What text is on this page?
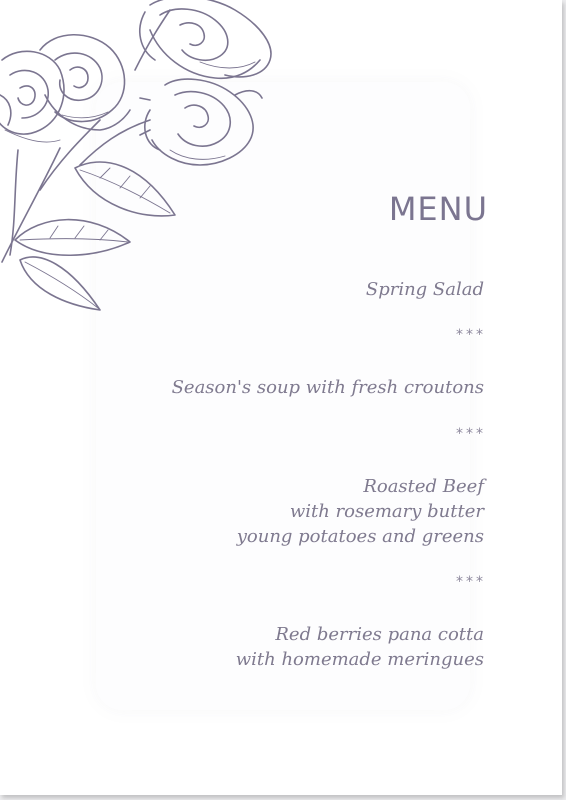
MENU
Spring Salad
***
Season's soup with fresh croutons
***
Roasted Beef
with rosemary butter
young potatoes and greens
***
Red berries pana cotta
with homemade meringues
